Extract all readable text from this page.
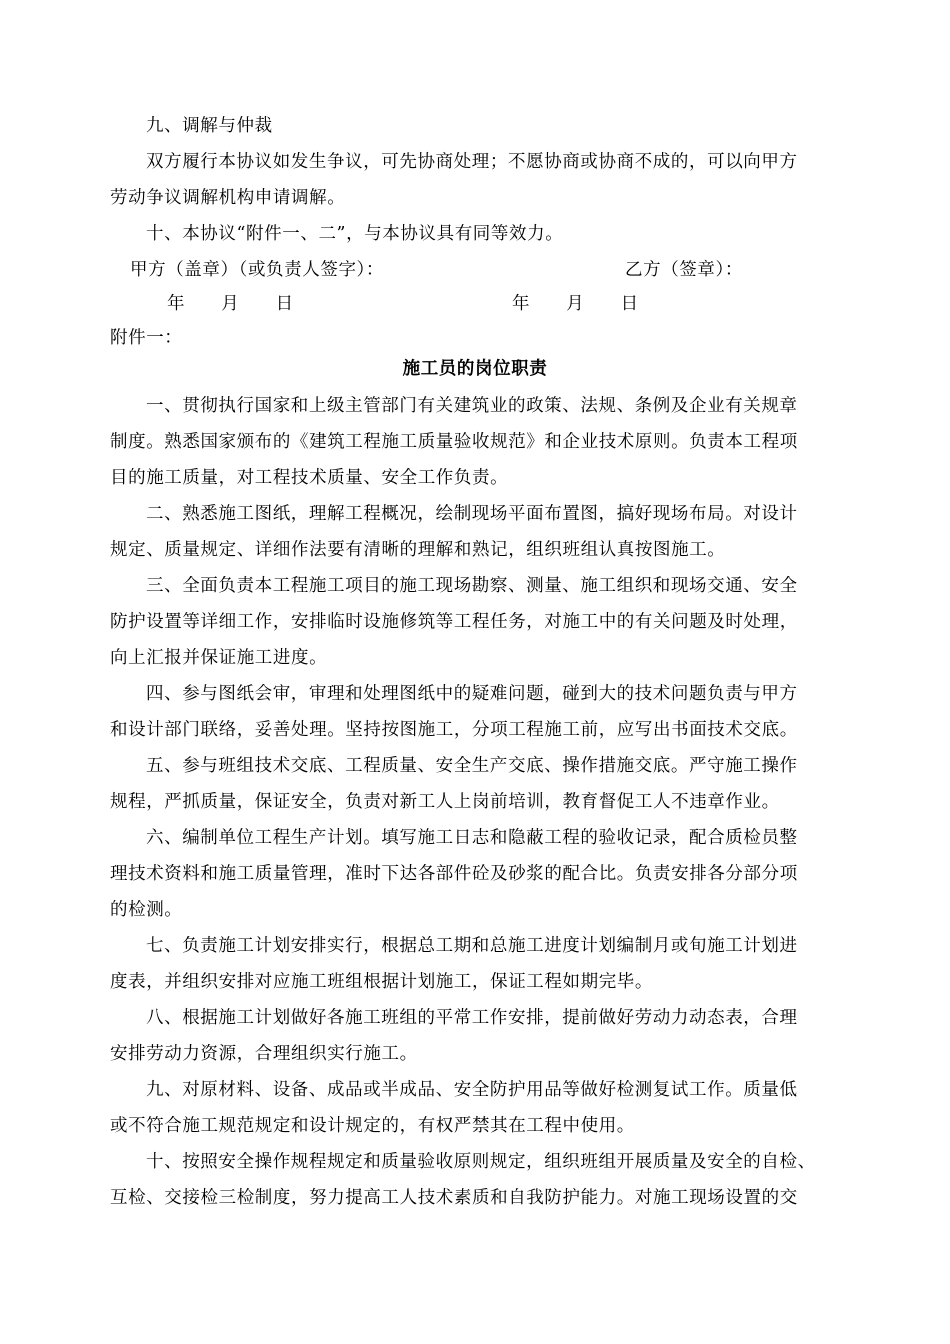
九、调解与仲裁
双方履行本协议如发生争议，可先协商处理；不愿协商或协商不成的，可以向甲方
劳动争议调解机构申请调解。
十、本协议“附件一、二”，与本协议具有同等效力。
甲方（盖章）（或负责人签字）：	乙方（签章）：
年　　月　　日	年　　月　　日
附件一：
施工员的岗位职责
一、贯彻执行国家和上级主管部门有关建筑业的政策、法规、条例及企业有关规章
制度。熟悉国家颁布的《建筑工程施工质量验收规范》和企业技术原则。负责本工程项
目的施工质量，对工程技术质量、安全工作负责。
二、熟悉施工图纸，理解工程概况，绘制现场平面布置图，搞好现场布局。对设计
规定、质量规定、详细作法要有清晰的理解和熟记，组织班组认真按图施工。
三、全面负责本工程施工项目的施工现场勘察、测量、施工组织和现场交通、安全
防护设置等详细工作，安排临时设施修筑等工程任务，对施工中的有关问题及时处理，
向上汇报并保证施工进度。
四、参与图纸会审，审理和处理图纸中的疑难问题，碰到大的技术问题负责与甲方
和设计部门联络，妥善处理。坚持按图施工，分项工程施工前，应写出书面技术交底。
五、参与班组技术交底、工程质量、安全生产交底、操作措施交底。严守施工操作
规程，严抓质量，保证安全，负责对新工人上岗前培训，教育督促工人不违章作业。
六、编制单位工程生产计划。填写施工日志和隐蔽工程的验收记录，配合质检员整
理技术资料和施工质量管理，准时下达各部件砼及砂浆的配合比。负责安排各分部分项
的检测。
七、负责施工计划安排实行，根据总工期和总施工进度计划编制月或旬施工计划进
度表，并组织安排对应施工班组根据计划施工，保证工程如期完毕。
八、根据施工计划做好各施工班组的平常工作安排，提前做好劳动力动态表，合理
安排劳动力资源，合理组织实行施工。
九、对原材料、设备、成品或半成品、安全防护用品等做好检测复试工作。质量低
或不符合施工规范规定和设计规定的，有权严禁其在工程中使用。
十、按照安全操作规程规定和质量验收原则规定，组织班组开展质量及安全的自检、
互检、交接检三检制度，努力提高工人技术素质和自我防护能力。对施工现场设置的交
